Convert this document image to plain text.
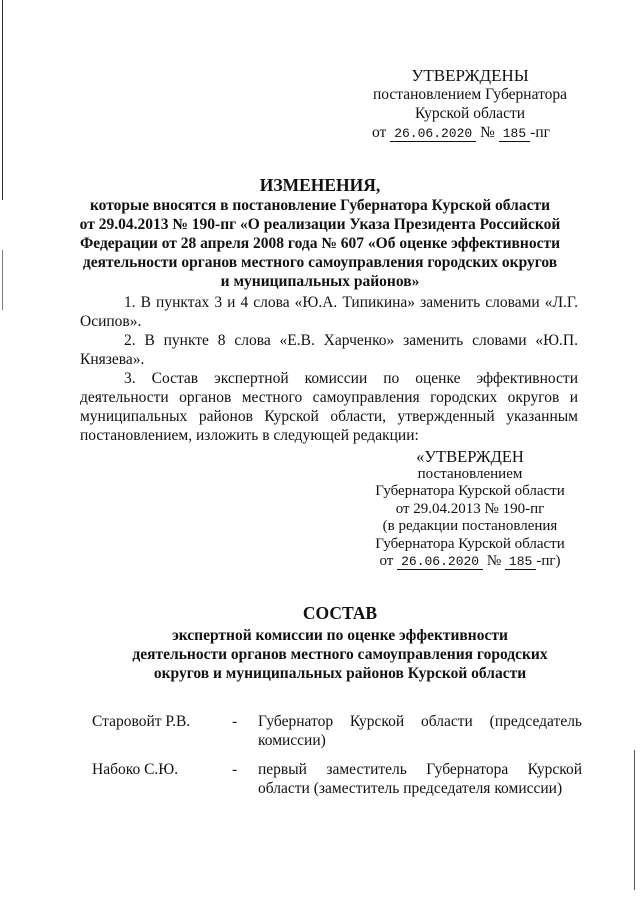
УТВЕРЖДЕНЫ
постановлением Губернатора
Курской области
от 26.06.2020 № 185 -пг
ИЗМЕНЕНИЯ,
которые вносятся в постановление Губернатора Курской области
от 29.04.2013 № 190-пг «О реализации Указа Президента Российской
Федерации от 28 апреля 2008 года № 607 «Об оценке эффективности
деятельности органов местного самоуправления городских округов
и муниципальных районов»

1. В пунктах 3 и 4 слова «Ю.А. Типикина» заменить словами «Л.Г. Осипов».

2. В пункте 8 слова «Е.В. Харченко» заменить словами «Ю.П. Князева».

3. Состав экспертной комиссии по оценке эффективности деятельности органов местного самоуправления городских округов и муниципальных районов Курской области, утвержденный указанным постановлением, изложить в следующей редакции:

«УТВЕРЖДЕН
постановлением
Губернатора Курской области
от 29.04.2013 № 190-пг
(в редакции постановления
Губернатора Курской области
от 26.06.2020 № 185 -пг)
СОСТАВ
экспертной комиссии по оценке эффективности
деятельности органов местного самоуправления городских
округов и муниципальных районов Курской области
Старовойт Р.В.	-	Губернатор Курской области (председатель комиссии)
Набоко С.Ю.	-	первый заместитель Губернатора Курской области (заместитель председателя комиссии)
